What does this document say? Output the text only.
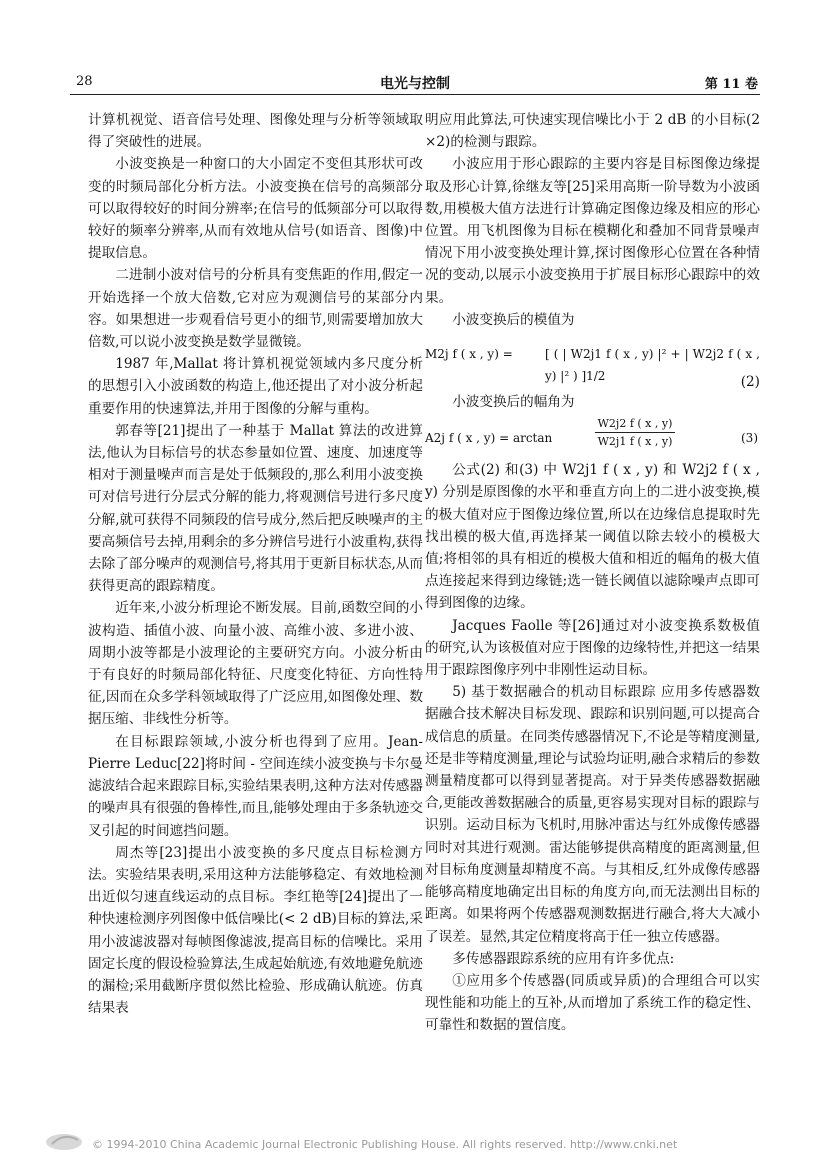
28	电光与控制	第 11 卷

计算机视觉、语音信号处理、图像处理与分析等领域取得了突破性的进展。

小波变换是一种窗口的大小固定不变但其形状可改变的时频局部化分析方法。小波变换在信号的高频部分可以取得较好的时间分辨率;在信号的低频部分可以取得较好的频率分辨率,从而有效地从信号(如语音、图像)中提取信息。

二进制小波对信号的分析具有变焦距的作用,假定一开始选择一个放大倍数,它对应为观测信号的某部分内容。如果想进一步观看信号更小的细节,则需要增加放大倍数,可以说小波变换是数学显微镜。

1987 年,Mallat 将计算机视觉领域内多尺度分析的思想引入小波函数的构造上,他还提出了对小波分析起重要作用的快速算法,并用于图像的分解与重构。

郭春等[21]提出了一种基于 Mallat 算法的改进算法,他认为目标信号的状态参量如位置、速度、加速度等相对于测量噪声而言是处于低频段的,那么利用小波变换可对信号进行分层式分解的能力,将观测信号进行多尺度分解,就可获得不同频段的信号成分,然后把反映噪声的主要高频信号去掉,用剩余的多分辨信号进行小波重构,获得去除了部分噪声的观测信号,将其用于更新目标状态,从而获得更高的跟踪精度。

近年来,小波分析理论不断发展。目前,函数空间的小波构造、插值小波、向量小波、高维小波、多进小波、周期小波等都是小波理论的主要研究方向。小波分析由于有良好的时频局部化特征、尺度变化特征、方向性特征,因而在众多学科领域取得了广泛应用,如图像处理、数据压缩、非线性分析等。

在目标跟踪领域,小波分析也得到了应用。Jean-Pierre Leduc[22]将时间 - 空间连续小波变换与卡尔曼滤波结合起来跟踪目标,实验结果表明,这种方法对传感器的噪声具有很强的鲁棒性,而且,能够处理由于多条轨迹交叉引起的时间遮挡问题。

周杰等[23]提出小波变换的多尺度点目标检测方法。实验结果表明,采用这种方法能够稳定、有效地检测出近似匀速直线运动的点目标。李红艳等[24]提出了一种快速检测序列图像中低信噪比(< 2 dB)目标的算法,采用小波滤波器对每帧图像滤波,提高目标的信噪比。采用固定长度的假设检验算法,生成起始航迹,有效地避免航迹的漏检;采用截断序贯似然比检验、形成确认航迹。仿真结果表

明应用此算法,可快速实现信噪比小于 2 dB 的小目标(2 ×2)的检测与跟踪。

小波应用于形心跟踪的主要内容是目标图像边缘提取及形心计算,徐继友等[25]采用高斯一阶导数为小波函数,用模极大值方法进行计算确定图像边缘及相应的形心位置。用飞机图像为目标在模糊化和叠加不同背景噪声情况下用小波变换处理计算,探讨图像形心位置在各种情况的变动,以展示小波变换用于扩展目标形心跟踪中的效果。

小波变换后的模值为

M2j f ( x , y) =	[ ( | W2j1 f ( x , y) |² + | W2j2 f ( x , y) |² ) ]1/2	(2)

小波变换后的幅角为

A2j f ( x , y) = arctan	$\frac{W2j2 f ( x , y)}{W2j1 f ( x , y)}$	(3)

公式(2) 和(3) 中 W2j1 f ( x , y) 和 W2j2 f ( x , y) 分别是原图像的水平和垂直方向上的二进小波变换,模的极大值对应于图像边缘位置,所以在边缘信息提取时先找出模的极大值,再选择某一阈值以除去较小的模极大值;将相邻的具有相近的模极大值和相近的幅角的极大值点连接起来得到边缘链;选一链长阈值以滤除噪声点即可得到图像的边缘。

Jacques Faolle 等[26]通过对小波变换系数极值的研究,认为该极值对应于图像的边缘特性,并把这一结果用于跟踪图像序列中非刚性运动目标。

5) 基于数据融合的机动目标跟踪 应用多传感器数据融合技术解决目标发现、跟踪和识别问题,可以提高合成信息的质量。在同类传感器情况下,不论是等精度测量,还是非等精度测量,理论与试验均证明,融合求精后的参数测量精度都可以得到显著提高。对于异类传感器数据融合,更能改善数据融合的质量,更容易实现对目标的跟踪与识别。运动目标为飞机时,用脉冲雷达与红外成像传感器同时对其进行观测。雷达能够提供高精度的距离测量,但对目标角度测量却精度不高。与其相反,红外成像传感器能够高精度地确定出目标的角度方向,而无法测出目标的距离。如果将两个传感器观测数据进行融合,将大大减小了误差。显然,其定位精度将高于任一独立传感器。

多传感器跟踪系统的应用有许多优点:

①应用多个传感器(同质或异质)的合理组合可以实现性能和功能上的互补,从而增加了系统工作的稳定性、可靠性和数据的置信度。

© 1994-2010 China Academic Journal Electronic Publishing House. All rights reserved. http://www.cnki.net
